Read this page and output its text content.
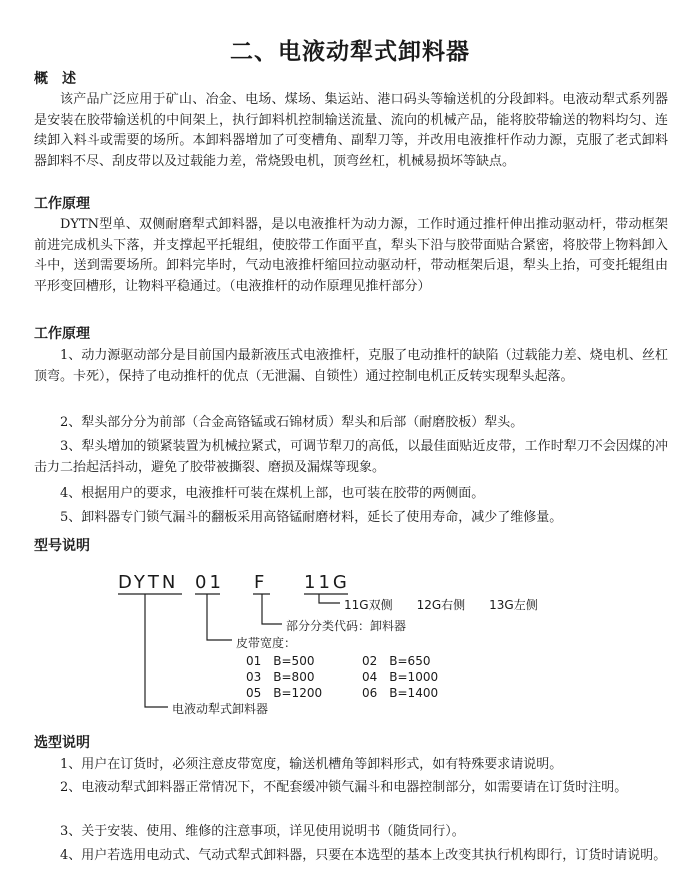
二、电液动犁式卸料器
概　述

该产品广泛应用于矿山、冶金、电场、煤场、集运站、港口码头等输送机的分段卸料。电液动犁式系列器是安装在胶带输送机的中间架上，执行卸料机控制输送流量、流向的机械产品，能将胶带输送的物料均匀、连续卸入料斗或需要的场所。本卸料器增加了可变槽角、副犁刀等，并改用电液推杆作动力源，克服了老式卸料器卸料不尽、刮皮带以及过载能力差，常烧毁电机，顶弯丝杠，机械易损坏等缺点。

工作原理

DYTN型单、双侧耐磨犁式卸料器，是以电液推杆为动力源，工作时通过推杆伸出推动驱动杆，带动框架前进完成机头下落，并支撑起平托辊组，使胶带工作面平直，犁头下沿与胶带面贴合紧密，将胶带上物料卸入斗中，送到需要场所。卸料完毕时，气动电液推杆缩回拉动驱动杆，带动框架后退，犁头上抬，可变托辊组由平形变回槽形，让物料平稳通过。（电液推杆的动作原理见推杆部分）

工作原理

1、动力源驱动部分是目前国内最新液压式电液推杆，克服了电动推杆的缺陷（过载能力差、烧电机、丝杠顶弯。卡死），保持了电动推杆的优点（无泄漏、自锁性）通过控制电机正反转实现犁头起落。

2、犁头部分分为前部（合金高铬锰或石锦材质）犁头和后部（耐磨胶板）犁头。

3、犁头增加的锁紧装置为机械拉紧式，可调节犁刀的高低，以最佳面贴近皮带，工作时犁刀不会因煤的冲击力二抬起活抖动，避免了胶带被撕裂、磨损及漏煤等现象。

4、根据用户的要求，电液推杆可装在煤机上部，也可装在胶带的两侧面。

5、卸料器专门锁气漏斗的翻板采用高铬锰耐磨材料，延长了使用寿命，减少了维修量。

型号说明
DYTN 01 F 11G
11G双侧　　12G右侧　　13G左侧
部分分类代码：卸料器
皮带宽度：
01　B=500	02　B=650
03　B=800	04　B=1000
05　B=1200	06　B=1400
电液动犁式卸料器
选型说明

1、用户在订货时，必须注意皮带宽度，输送机槽角等卸料形式，如有特殊要求请说明。

2、电液动犁式卸料器正常情况下，不配套缓冲锁气漏斗和电器控制部分，如需要请在订货时注明。

3、关于安装、使用、维修的注意事项，详见使用说明书（随货同行）。

4、用户若选用电动式、气动式犁式卸料器，只要在本选型的基本上改变其执行机构即行，订货时请说明。
